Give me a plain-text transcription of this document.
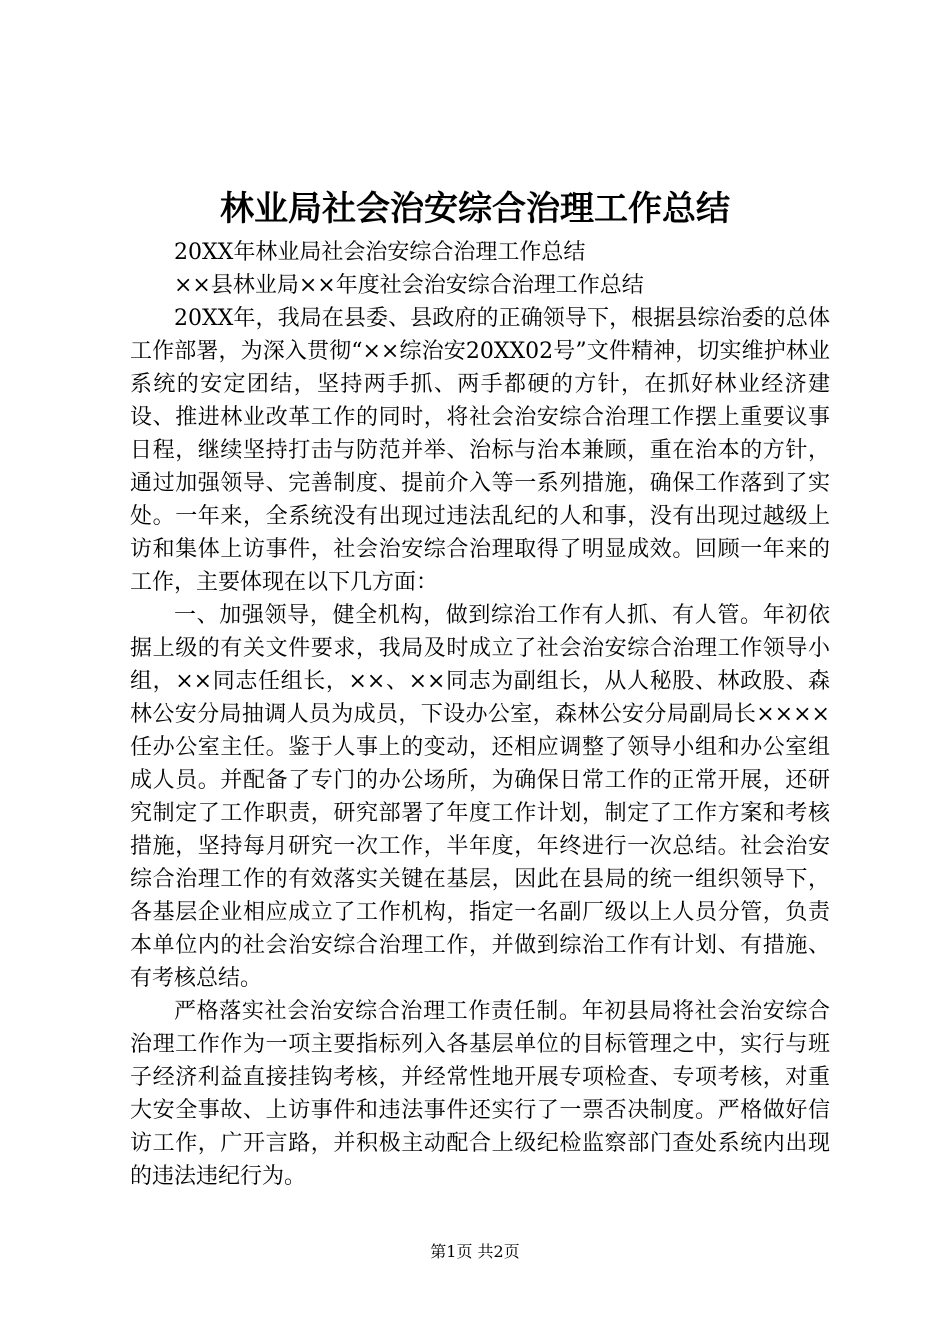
林业局社会治安综合治理工作总结

20XX年林业局社会治安综合治理工作总结

××县林业局××年度社会治安综合治理工作总结

20XX年，我局在县委、县政府的正确领导下，根据县综治委的总体工作部署，为深入贯彻“××综治安20XX02号”文件精神，切实维护林业系统的安定团结，坚持两手抓、两手都硬的方针，在抓好林业经济建设、推进林业改革工作的同时，将社会治安综合治理工作摆上重要议事日程，继续坚持打击与防范并举、治标与治本兼顾，重在治本的方针，通过加强领导、完善制度、提前介入等一系列措施，确保工作落到了实处。一年来，全系统没有出现过违法乱纪的人和事，没有出现过越级上访和集体上访事件，社会治安综合治理取得了明显成效。回顾一年来的工作，主要体现在以下几方面：

一、加强领导，健全机构，做到综治工作有人抓、有人管。年初依据上级的有关文件要求，我局及时成立了社会治安综合治理工作领导小组，××同志任组长，××、××同志为副组长，从人秘股、林政股、森林公安分局抽调人员为成员，下设办公室，森林公安分局副局长××××任办公室主任。鉴于人事上的变动，还相应调整了领导小组和办公室组成人员。并配备了专门的办公场所，为确保日常工作的正常开展，还研究制定了工作职责，研究部署了年度工作计划，制定了工作方案和考核措施，坚持每月研究一次工作，半年度，年终进行一次总结。社会治安综合治理工作的有效落实关键在基层，因此在县局的统一组织领导下，各基层企业相应成立了工作机构，指定一名副厂级以上人员分管，负责本单位内的社会治安综合治理工作，并做到综治工作有计划、有措施、有考核总结。

严格落实社会治安综合治理工作责任制。年初县局将社会治安综合治理工作作为一项主要指标列入各基层单位的目标管理之中，实行与班子经济利益直接挂钩考核，并经常性地开展专项检查、专项考核，对重大安全事故、上访事件和违法事件还实行了一票否决制度。严格做好信访工作，广开言路，并积极主动配合上级纪检监察部门查处系统内出现的违法违纪行为。

第1页 共2页
